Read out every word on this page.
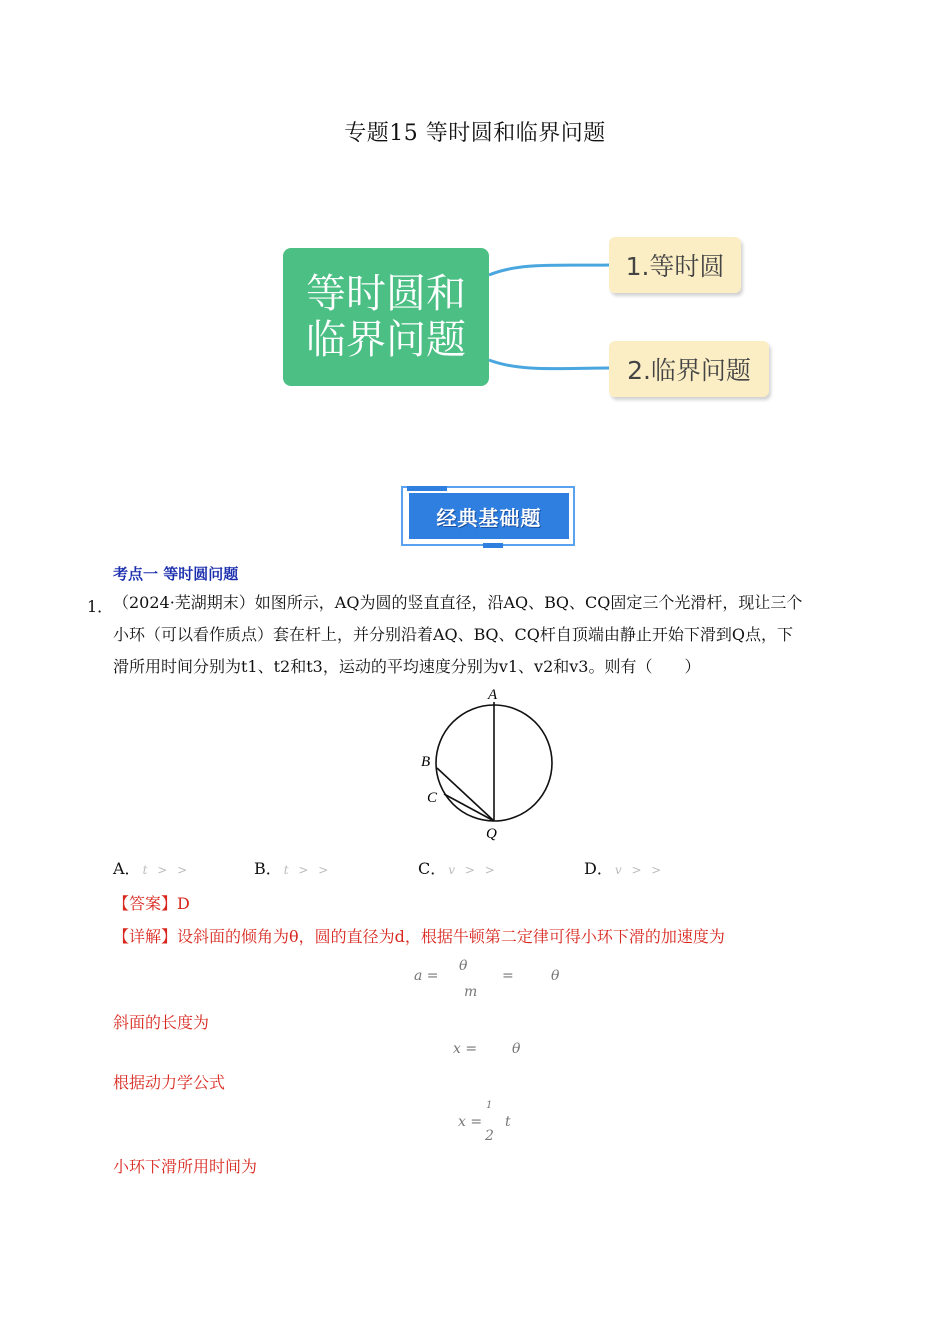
专题15 等时圆和临界问题
等时圆和
临界问题
1.等时圆
2.临界问题
经典基础题
考点一 等时圆问题
1． （2024·芜湖期末）如图所示，AQ为圆的竖直直径，沿AQ、BQ、CQ固定三个光滑杆，现让三个
小环（可以看作质点）套在杆上，并分别沿着AQ、BQ、CQ杆自顶端由静止开始下滑到Q点，下
滑所用时间分别为t1、t2和t3，运动的平均速度分别为v1、v2和v3。则有（　　）
A
B
C
Q
A． t > >	B． t > >	C． v > >	D． v > >
【答案】D
【详解】设斜面的倾角为θ，圆的直径为d，根据牛顿第二定律可得小环下滑的加速度为
a =
θ
m
=	θ
斜面的长度为
x = θ
根据动力学公式
x =
1
2
t
小环下滑所用时间为
